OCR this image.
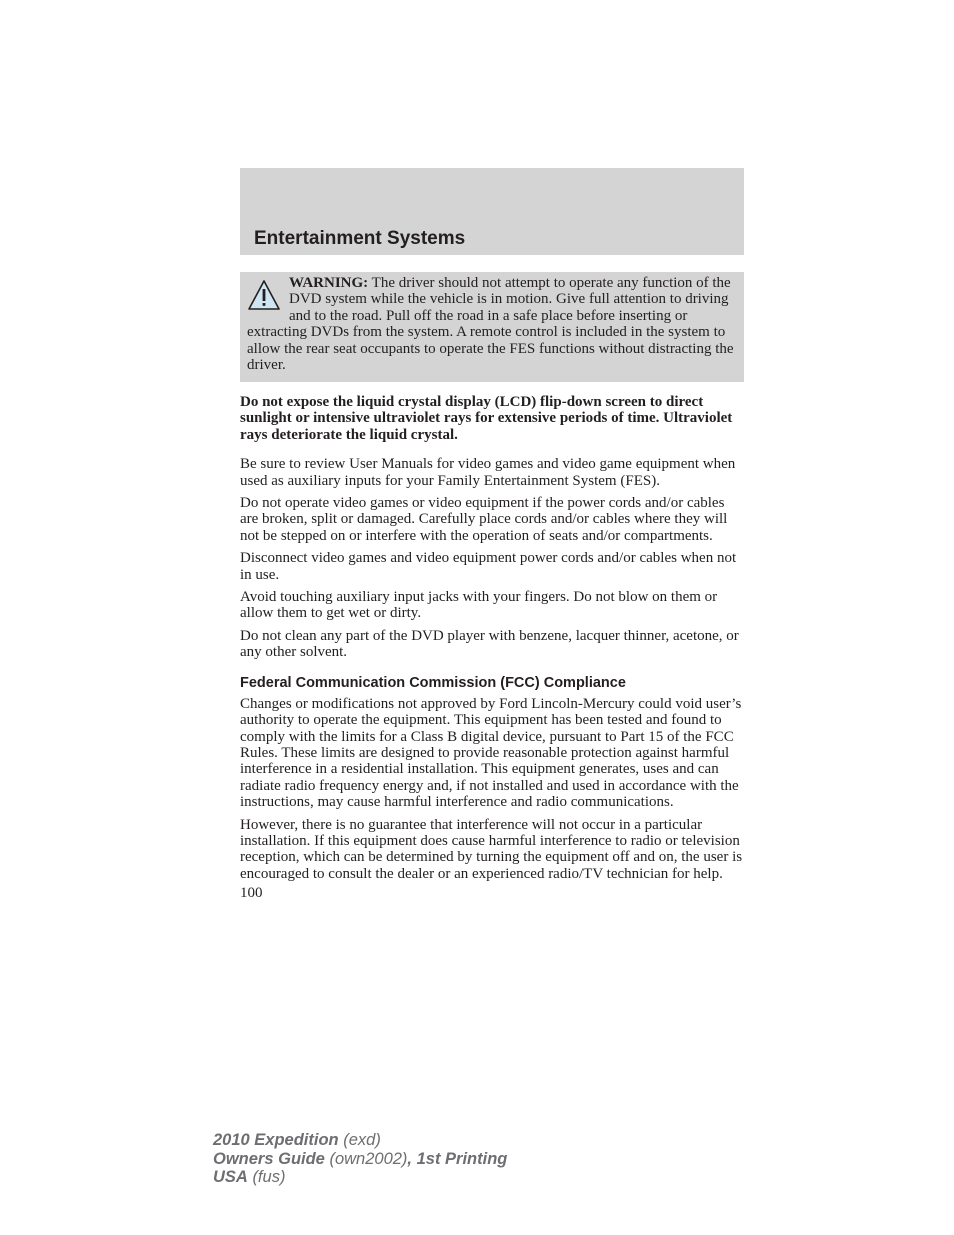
Entertainment Systems
WARNING: The driver should not attempt to operate any function of the DVD system while the vehicle is in motion. Give full attention to driving and to the road. Pull off the road in a safe place before inserting or extracting DVDs from the system. A remote control is included in the system to allow the rear seat occupants to operate the FES functions without distracting the driver.

Do not expose the liquid crystal display (LCD) flip-down screen to direct sunlight or intensive ultraviolet rays for extensive periods of time. Ultraviolet rays deteriorate the liquid crystal.

Be sure to review User Manuals for video games and video game equipment when used as auxiliary inputs for your Family Entertainment System (FES).

Do not operate video games or video equipment if the power cords and/or cables are broken, split or damaged. Carefully place cords and/or cables where they will not be stepped on or interfere with the operation of seats and/or compartments.

Disconnect video games and video equipment power cords and/or cables when not in use.

Avoid touching auxiliary input jacks with your fingers. Do not blow on them or allow them to get wet or dirty.

Do not clean any part of the DVD player with benzene, lacquer thinner, acetone, or any other solvent.

Federal Communication Commission (FCC) Compliance

Changes or modifications not approved by Ford Lincoln-Mercury could void user’s authority to operate the equipment. This equipment has been tested and found to comply with the limits for a Class B digital device, pursuant to Part 15 of the FCC Rules. These limits are designed to provide reasonable protection against harmful interference in a residential installation. This equipment generates, uses and can radiate radio frequency energy and, if not installed and used in accordance with the instructions, may cause harmful interference and radio communications.

However, there is no guarantee that interference will not occur in a particular installation. If this equipment does cause harmful interference to radio or television reception, which can be determined by turning the equipment off and on, the user is encouraged to consult the dealer or an experienced radio/TV technician for help.

100
2010 Expedition (exd)
Owners Guide (own2002), 1st Printing
USA (fus)
